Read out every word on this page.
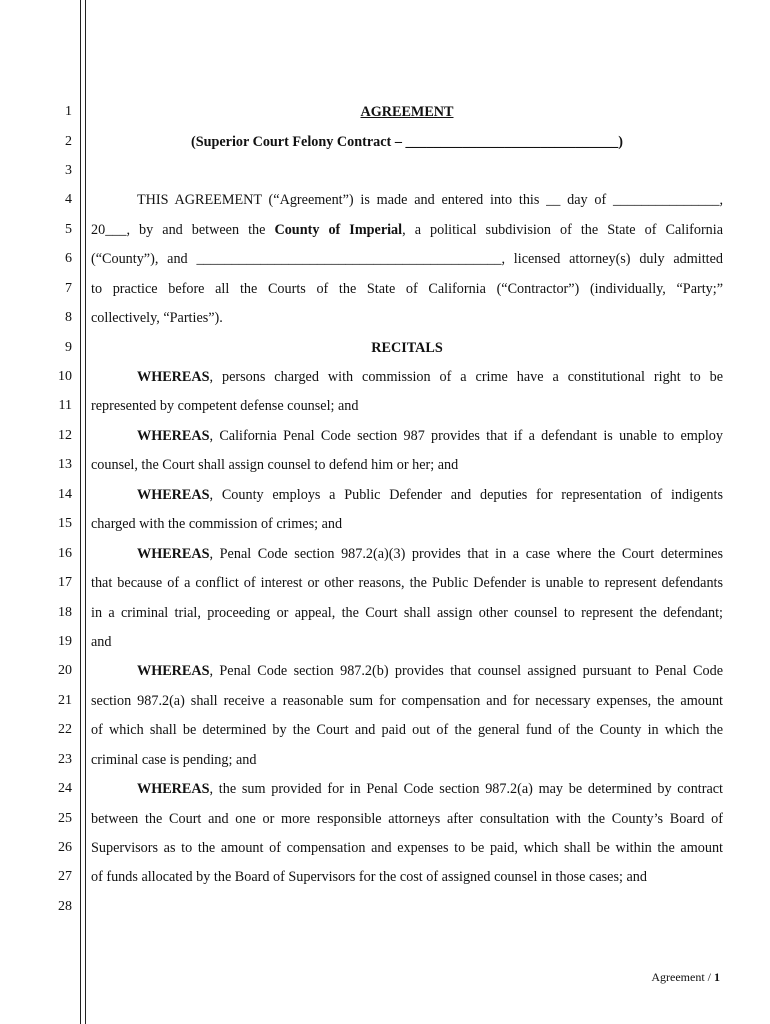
1
2
3
4
5
6
7
8
9
10
11
12
13
14
15
16
17
18
19
20
21
22
23
24
25
26
27
28
AGREEMENT
(Superior Court Felony Contract – ______________________________)
THIS AGREEMENT (“Agreement”) is made and entered into this __ day of _______________,
20___, by and between the County of Imperial, a political subdivision of the State of California
(“County”), and ___________________________________________, licensed attorney(s) duly admitted
to practice before all the Courts of the State of California (“Contractor”) (individually, “Party;”
collectively, “Parties”).
RECITALS
WHEREAS, persons charged with commission of a crime have a constitutional right to be
represented by competent defense counsel; and
WHEREAS, California Penal Code section 987 provides that if a defendant is unable to employ
counsel, the Court shall assign counsel to defend him or her; and
WHEREAS, County employs a Public Defender and deputies for representation of indigents
charged with the commission of crimes; and
WHEREAS, Penal Code section 987.2(a)(3) provides that in a case where the Court determines
that because of a conflict of interest or other reasons, the Public Defender is unable to represent defendants
in a criminal trial, proceeding or appeal, the Court shall assign other counsel to represent the defendant;
and
WHEREAS, Penal Code section 987.2(b) provides that counsel assigned pursuant to Penal Code
section 987.2(a) shall receive a reasonable sum for compensation and for necessary expenses, the amount
of which shall be determined by the Court and paid out of the general fund of the County in which the
criminal case is pending; and
WHEREAS, the sum provided for in Penal Code section 987.2(a) may be determined by contract
between the Court and one or more responsible attorneys after consultation with the County’s Board of
Supervisors as to the amount of compensation and expenses to be paid, which shall be within the amount
of funds allocated by the Board of Supervisors for the cost of assigned counsel in those cases; and
Agreement / 1
